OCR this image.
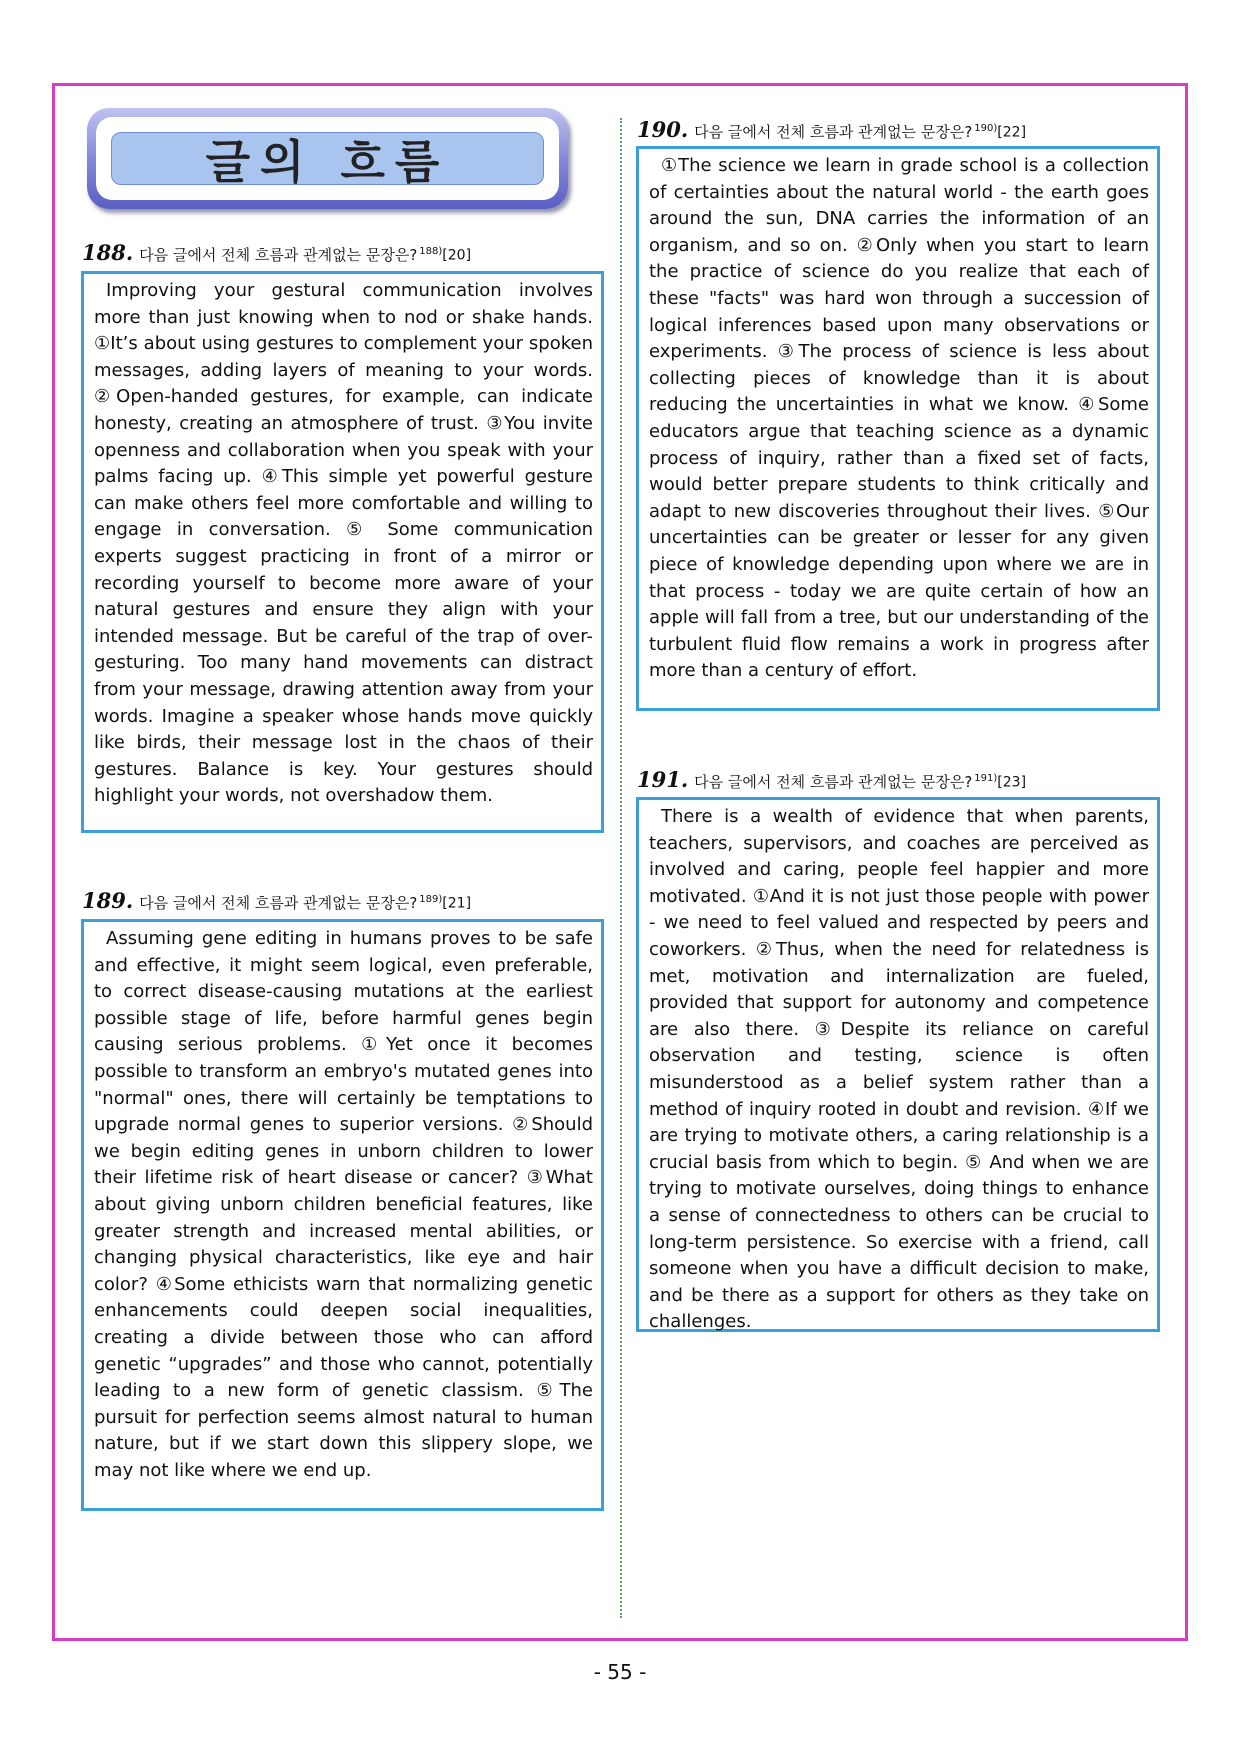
글의 흐름
188. 다음 글에서 전체 흐름과 관계없는 문장은? $^{188)}$[20]

Improving your gestural communication involves more than just knowing when to nod or shake hands. ①It’s about using gestures to complement your spoken messages, adding layers of meaning to your words. ②Open-handed gestures, for example, can indicate honesty, creating an atmosphere of trust. ③You invite openness and collaboration when you speak with your palms facing up. ④This simple yet powerful gesture can make others feel more comfortable and willing to engage in conversation. ⑤ Some communication experts suggest practicing in front of a mirror or recording yourself to become more aware of your natural gestures and ensure they align with your intended message. But be careful of the trap of over-gesturing. Too many hand movements can distract from your message, drawing attention away from your words. Imagine a speaker whose hands move quickly like birds, their message lost in the chaos of their gestures. Balance is key. Your gestures should highlight your words, not overshadow them.

189. 다음 글에서 전체 흐름과 관계없는 문장은? $^{189)}$[21]

Assuming gene editing in humans proves to be safe and effective, it might seem logical, even preferable, to correct disease-causing mutations at the earliest possible stage of life, before harmful genes begin causing serious problems. ①Yet once it becomes possible to transform an embryo's mutated genes into "normal" ones, there will certainly be temptations to upgrade normal genes to superior versions. ②Should we begin editing genes in unborn children to lower their lifetime risk of heart disease or cancer? ③What about giving unborn children beneficial features, like greater strength and increased mental abilities, or changing physical characteristics, like eye and hair color? ④Some ethicists warn that normalizing genetic enhancements could deepen social inequalities, creating a divide between those who can afford genetic “upgrades” and those who cannot, potentially leading to a new form of genetic classism. ⑤The pursuit for perfection seems almost natural to human nature, but if we start down this slippery slope, we may not like where we end up.

190. 다음 글에서 전체 흐름과 관계없는 문장은? $^{190)}$[22]

①The science we learn in grade school is a collection of certainties about the natural world - the earth goes around the sun, DNA carries the information of an organism, and so on. ②Only when you start to learn the practice of science do you realize that each of these "facts" was hard won through a succession of logical inferences based upon many observations or experiments. ③The process of science is less about collecting pieces of knowledge than it is about reducing the uncertainties in what we know. ④Some educators argue that teaching science as a dynamic process of inquiry, rather than a fixed set of facts, would better prepare students to think critically and adapt to new discoveries throughout their lives. ⑤Our uncertainties can be greater or lesser for any given piece of knowledge depending upon where we are in that process - today we are quite certain of how an apple will fall from a tree, but our understanding of the turbulent fluid flow remains a work in progress after more than a century of effort.

191. 다음 글에서 전체 흐름과 관계없는 문장은? $^{191)}$[23]

There is a wealth of evidence that when parents, teachers, supervisors, and coaches are perceived as involved and caring, people feel happier and more motivated. ①And it is not just those people with power - we need to feel valued and respected by peers and coworkers. ②Thus, when the need for relatedness is met, motivation and internalization are fueled, provided that support for autonomy and competence are also there. ③Despite its reliance on careful observation and testing, science is often misunderstood as a belief system rather than a method of inquiry rooted in doubt and revision. ④If we are trying to motivate others, a caring relationship is a crucial basis from which to begin. ⑤ And when we are trying to motivate ourselves, doing things to enhance a sense of connectedness to others can be crucial to long-term persistence. So exercise with a friend, call someone when you have a difficult decision to make, and be there as a support for others as they take on challenges.

- 55 -
